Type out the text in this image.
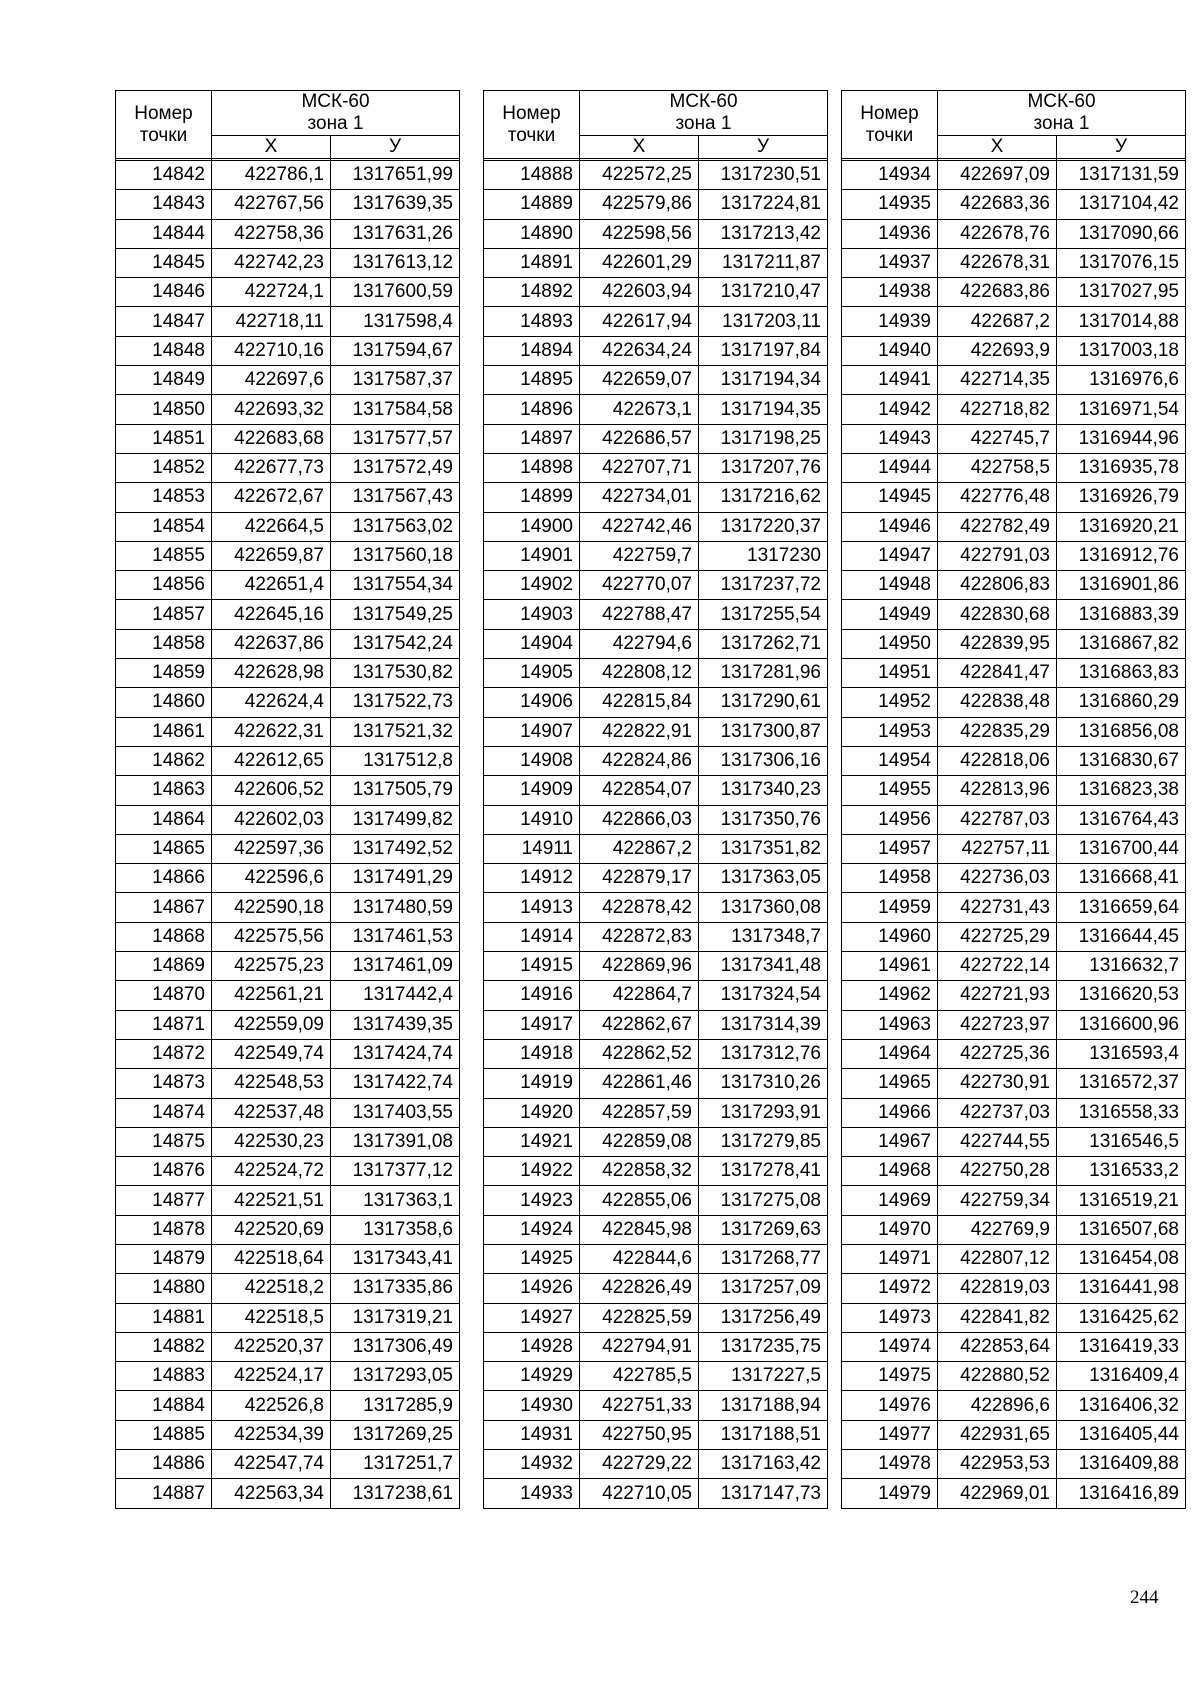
Номер точки	МСК-60
зона 1	
	X	У

14842	422786,1	1317651,99
14843	422767,56	1317639,35
14844	422758,36	1317631,26
14845	422742,23	1317613,12
14846	422724,1	1317600,59
14847	422718,11	1317598,4
14848	422710,16	1317594,67
14849	422697,6	1317587,37
14850	422693,32	1317584,58
14851	422683,68	1317577,57
14852	422677,73	1317572,49
14853	422672,67	1317567,43
14854	422664,5	1317563,02
14855	422659,87	1317560,18
14856	422651,4	1317554,34
14857	422645,16	1317549,25
14858	422637,86	1317542,24
14859	422628,98	1317530,82
14860	422624,4	1317522,73
14861	422622,31	1317521,32
14862	422612,65	1317512,8
14863	422606,52	1317505,79
14864	422602,03	1317499,82
14865	422597,36	1317492,52
14866	422596,6	1317491,29
14867	422590,18	1317480,59
14868	422575,56	1317461,53
14869	422575,23	1317461,09
14870	422561,21	1317442,4
14871	422559,09	1317439,35
14872	422549,74	1317424,74
14873	422548,53	1317422,74
14874	422537,48	1317403,55
14875	422530,23	1317391,08
14876	422524,72	1317377,12
14877	422521,51	1317363,1
14878	422520,69	1317358,6
14879	422518,64	1317343,41
14880	422518,2	1317335,86
14881	422518,5	1317319,21
14882	422520,37	1317306,49
14883	422524,17	1317293,05
14884	422526,8	1317285,9
14885	422534,39	1317269,25
14886	422547,74	1317251,7
14887	422563,34	1317238,61
Номер точки	МСК-60
зона 1	
	X	У

14888	422572,25	1317230,51
14889	422579,86	1317224,81
14890	422598,56	1317213,42
14891	422601,29	1317211,87
14892	422603,94	1317210,47
14893	422617,94	1317203,11
14894	422634,24	1317197,84
14895	422659,07	1317194,34
14896	422673,1	1317194,35
14897	422686,57	1317198,25
14898	422707,71	1317207,76
14899	422734,01	1317216,62
14900	422742,46	1317220,37
14901	422759,7	1317230
14902	422770,07	1317237,72
14903	422788,47	1317255,54
14904	422794,6	1317262,71
14905	422808,12	1317281,96
14906	422815,84	1317290,61
14907	422822,91	1317300,87
14908	422824,86	1317306,16
14909	422854,07	1317340,23
14910	422866,03	1317350,76
14911	422867,2	1317351,82
14912	422879,17	1317363,05
14913	422878,42	1317360,08
14914	422872,83	1317348,7
14915	422869,96	1317341,48
14916	422864,7	1317324,54
14917	422862,67	1317314,39
14918	422862,52	1317312,76
14919	422861,46	1317310,26
14920	422857,59	1317293,91
14921	422859,08	1317279,85
14922	422858,32	1317278,41
14923	422855,06	1317275,08
14924	422845,98	1317269,63
14925	422844,6	1317268,77
14926	422826,49	1317257,09
14927	422825,59	1317256,49
14928	422794,91	1317235,75
14929	422785,5	1317227,5
14930	422751,33	1317188,94
14931	422750,95	1317188,51
14932	422729,22	1317163,42
14933	422710,05	1317147,73
Номер точки	МСК-60
зона 1	
	X	У

14934	422697,09	1317131,59
14935	422683,36	1317104,42
14936	422678,76	1317090,66
14937	422678,31	1317076,15
14938	422683,86	1317027,95
14939	422687,2	1317014,88
14940	422693,9	1317003,18
14941	422714,35	1316976,6
14942	422718,82	1316971,54
14943	422745,7	1316944,96
14944	422758,5	1316935,78
14945	422776,48	1316926,79
14946	422782,49	1316920,21
14947	422791,03	1316912,76
14948	422806,83	1316901,86
14949	422830,68	1316883,39
14950	422839,95	1316867,82
14951	422841,47	1316863,83
14952	422838,48	1316860,29
14953	422835,29	1316856,08
14954	422818,06	1316830,67
14955	422813,96	1316823,38
14956	422787,03	1316764,43
14957	422757,11	1316700,44
14958	422736,03	1316668,41
14959	422731,43	1316659,64
14960	422725,29	1316644,45
14961	422722,14	1316632,7
14962	422721,93	1316620,53
14963	422723,97	1316600,96
14964	422725,36	1316593,4
14965	422730,91	1316572,37
14966	422737,03	1316558,33
14967	422744,55	1316546,5
14968	422750,28	1316533,2
14969	422759,34	1316519,21
14970	422769,9	1316507,68
14971	422807,12	1316454,08
14972	422819,03	1316441,98
14973	422841,82	1316425,62
14974	422853,64	1316419,33
14975	422880,52	1316409,4
14976	422896,6	1316406,32
14977	422931,65	1316405,44
14978	422953,53	1316409,88
14979	422969,01	1316416,89
244
